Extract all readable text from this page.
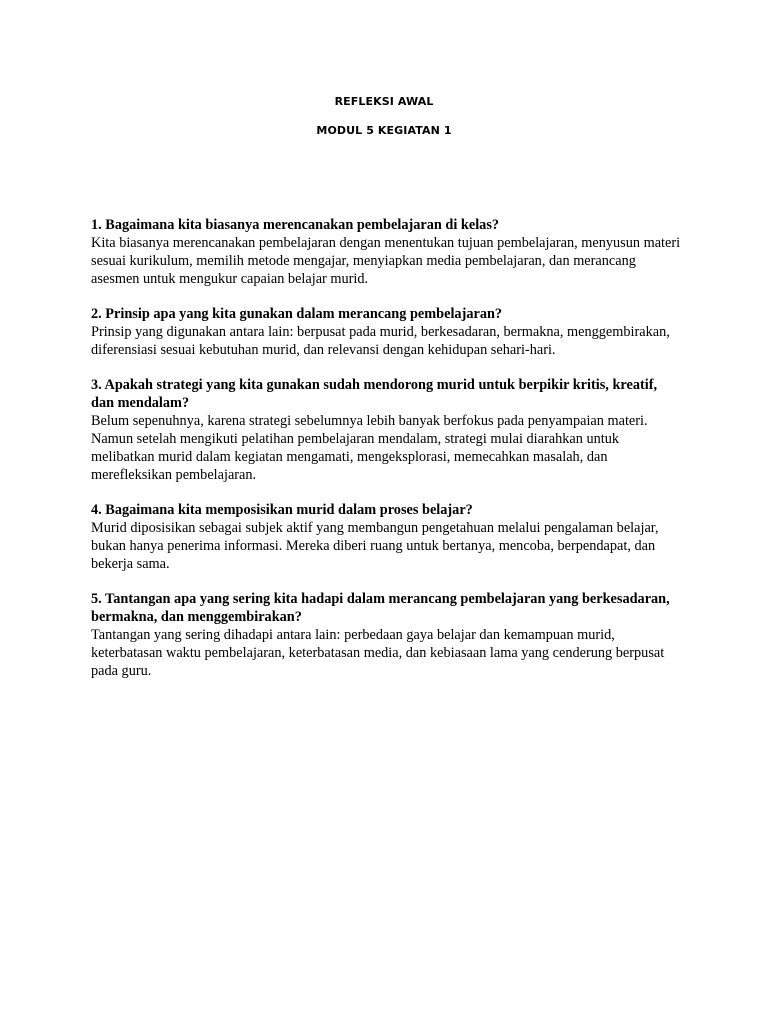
REFLEKSI AWAL
MODUL 5 KEGIATAN 1

1. Bagaimana kita biasanya merencanakan pembelajaran di kelas?

Kita biasanya merencanakan pembelajaran dengan menentukan tujuan pembelajaran, menyusun materi sesuai kurikulum, memilih metode mengajar, menyiapkan media pembelajaran, dan merancang asesmen untuk mengukur capaian belajar murid.

2. Prinsip apa yang kita gunakan dalam merancang pembelajaran?

Prinsip yang digunakan antara lain: berpusat pada murid, berkesadaran, bermakna, menggembirakan, diferensiasi sesuai kebutuhan murid, dan relevansi dengan kehidupan sehari-hari.

3. Apakah strategi yang kita gunakan sudah mendorong murid untuk berpikir kritis, kreatif, dan mendalam?

Belum sepenuhnya, karena strategi sebelumnya lebih banyak berfokus pada penyampaian materi. Namun setelah mengikuti pelatihan pembelajaran mendalam, strategi mulai diarahkan untuk melibatkan murid dalam kegiatan mengamati, mengeksplorasi, memecahkan masalah, dan merefleksikan pembelajaran.

4. Bagaimana kita memposisikan murid dalam proses belajar?

Murid diposisikan sebagai subjek aktif yang membangun pengetahuan melalui pengalaman belajar, bukan hanya penerima informasi. Mereka diberi ruang untuk bertanya, mencoba, berpendapat, dan bekerja sama.

5. Tantangan apa yang sering kita hadapi dalam merancang pembelajaran yang berkesadaran, bermakna, dan menggembirakan?

Tantangan yang sering dihadapi antara lain: perbedaan gaya belajar dan kemampuan murid, keterbatasan waktu pembelajaran, keterbatasan media, dan kebiasaan lama yang cenderung berpusat pada guru.
